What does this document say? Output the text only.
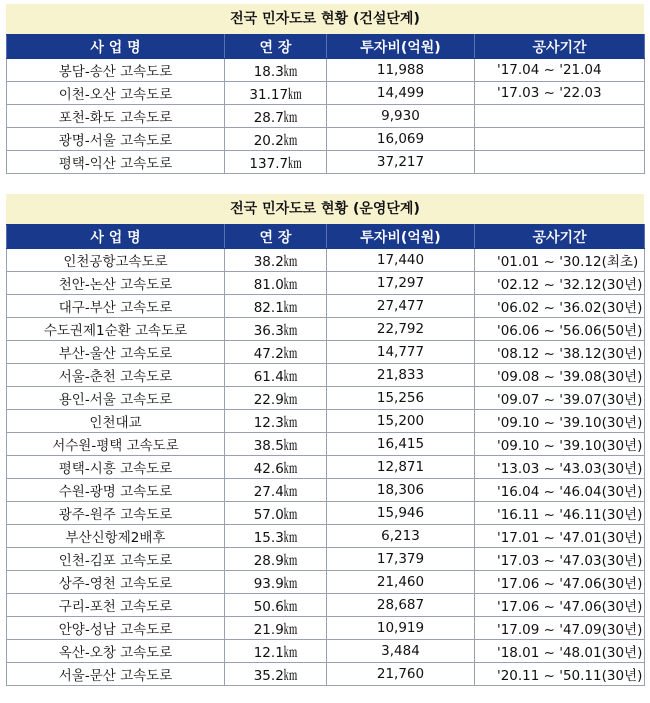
전국 민자도로 현황 (건설단계)
사 업 명	연 장	투자비(억원)	공사기간
봉담-송산 고속도로	18.3㎞	11,988	'17.04 ~ '21.04
이천-오산 고속도로	31.17㎞	14,499	'17.03 ~ '22.03
포천-화도 고속도로	28.7㎞	9,930	
광명-서울 고속도로	20.2㎞	16,069	
평택-익산 고속도로	137.7㎞	37,217	
전국 민자도로 현황 (운영단계)
사 업 명	연 장	투자비(억원)	공사기간
인천공항고속도로	38.2㎞	17,440	'01.01 ~ '30.12(최초)
천안-논산 고속도로	81.0㎞	17,297	'02.12 ~ '32.12(30년)
대구-부산 고속도로	82.1㎞	27,477	'06.02 ~ '36.02(30년)
수도권제1순환 고속도로	36.3㎞	22,792	'06.06 ~ '56.06(50년)
부산-울산 고속도로	47.2㎞	14,777	'08.12 ~ '38.12(30년)
서울-춘천 고속도로	61.4㎞	21,833	'09.08 ~ '39.08(30년)
용인-서울 고속도로	22.9㎞	15,256	'09.07 ~ '39.07(30년)
인천대교	12.3㎞	15,200	'09.10 ~ '39.10(30년)
서수원-평택 고속도로	38.5㎞	16,415	'09.10 ~ '39.10(30년)
평택-시흥 고속도로	42.6㎞	12,871	'13.03 ~ '43.03(30년)
수원-광명 고속도로	27.4㎞	18,306	'16.04 ~ '46.04(30년)
광주-원주 고속도로	57.0㎞	15,946	'16.11 ~ '46.11(30년)
부산신항제2배후	15.3㎞	6,213	'17.01 ~ '47.01(30년)
인천-김포 고속도로	28.9㎞	17,379	'17.03 ~ '47.03(30년)
상주-영천 고속도로	93.9㎞	21,460	'17.06 ~ '47.06(30년)
구리-포천 고속도로	50.6㎞	28,687	'17.06 ~ '47.06(30년)
안양-성남 고속도로	21.9㎞	10,919	'17.09 ~ '47.09(30년)
옥산-오창 고속도로	12.1㎞	3,484	'18.01 ~ '48.01(30년)
서울-문산 고속도로	35.2㎞	21,760	'20.11 ~ '50.11(30년)
